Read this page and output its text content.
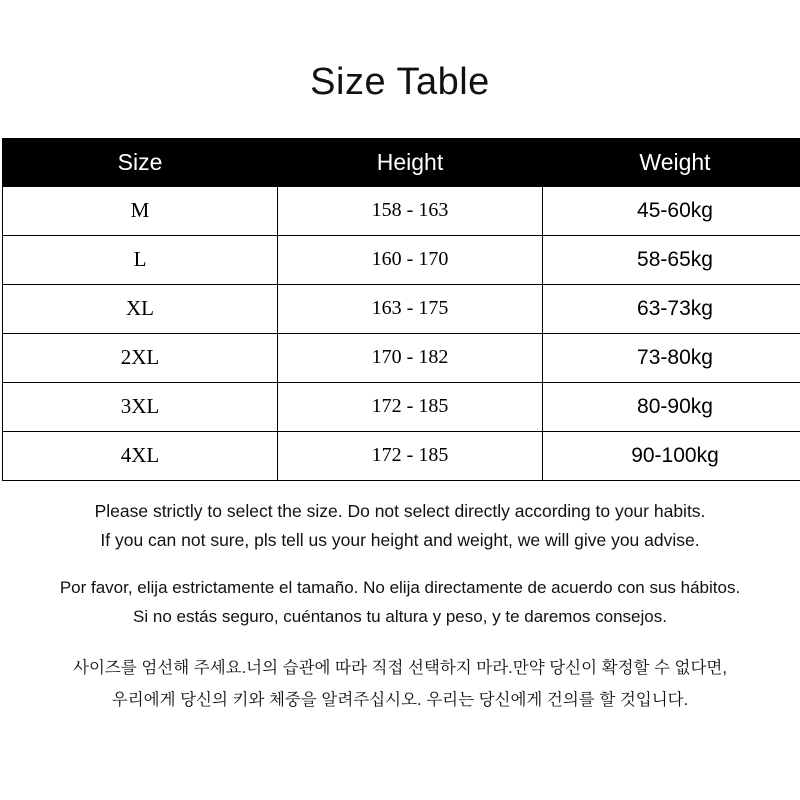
Size Table
Size	Height	Weight
M	158 - 163	45-60kg
L	160 - 170	58-65kg
XL	163 - 175	63-73kg
2XL	170 - 182	73-80kg
3XL	172 - 185	80-90kg
4XL	172 - 185	90-100kg
Please strictly to select the size. Do not select directly according to your habits.
If you can not sure, pls tell us your height and weight, we will give you advise.
Por favor, elija estrictamente el tamaño. No elija directamente de acuerdo con sus hábitos.
Si no estás seguro, cuéntanos tu altura y peso, y te daremos consejos.
사이즈를 엄선해 주세요.너의 습관에 따라 직접 선택하지 마라.만약 당신이 확정할 수 없다면,
우리에게 당신의 키와 체중을 알려주십시오. 우리는 당신에게 건의를 할 것입니다.
